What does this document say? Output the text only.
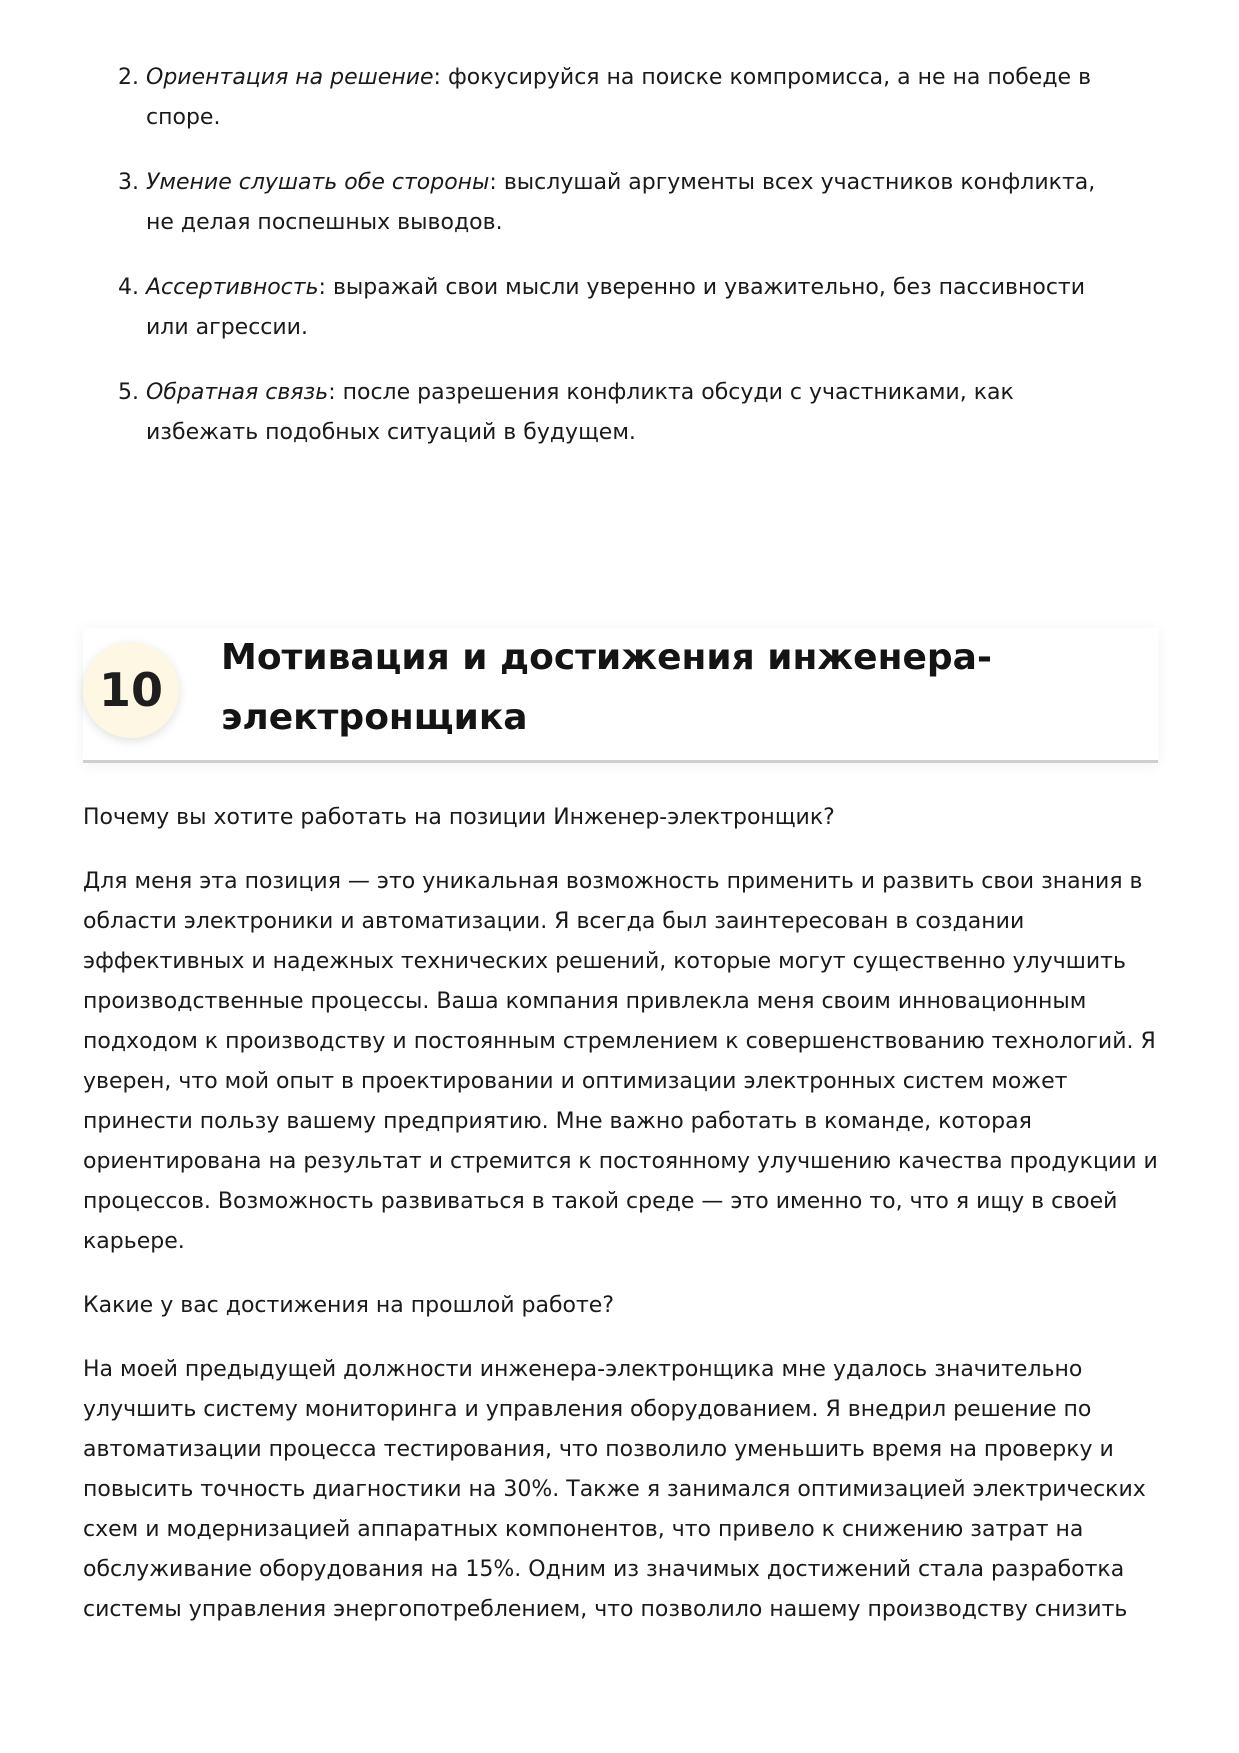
2. Ориентация на решение: фокусируйся на поиске компромисса, а не на победе в споре.
3. Умение слушать обе стороны: выслушай аргументы всех участников конфликта, не делая поспешных выводов.
4. Ассертивность: выражай свои мысли уверенно и уважительно, без пассивности или агрессии.
5. Обратная связь: после разрешения конфликта обсуди с участниками, как избежать подобных ситуаций в будущем.
10
Мотивация и достижения инженера-электронщика

Почему вы хотите работать на позиции Инженер-электронщик?

Для меня эта позиция — это уникальная возможность применить и развить свои знания в области электроники и автоматизации. Я всегда был заинтересован в создании эффективных и надежных технических решений, которые могут существенно улучшить производственные процессы. Ваша компания привлекла меня своим инновационным подходом к производству и постоянным стремлением к совершенствованию технологий. Я уверен, что мой опыт в проектировании и оптимизации электронных систем может принести пользу вашему предприятию. Мне важно работать в команде, которая ориентирована на результат и стремится к постоянному улучшению качества продукции и процессов. Возможность развиваться в такой среде — это именно то, что я ищу в своей карьере.

Какие у вас достижения на прошлой работе?

На моей предыдущей должности инженера-электронщика мне удалось значительно улучшить систему мониторинга и управления оборудованием. Я внедрил решение по автоматизации процесса тестирования, что позволило уменьшить время на проверку и повысить точность диагностики на 30%. Также я занимался оптимизацией электрических схем и модернизацией аппаратных компонентов, что привело к снижению затрат на обслуживание оборудования на 15%. Одним из значимых достижений стала разработка системы управления энергопотреблением, что позволило нашему производству снизить
